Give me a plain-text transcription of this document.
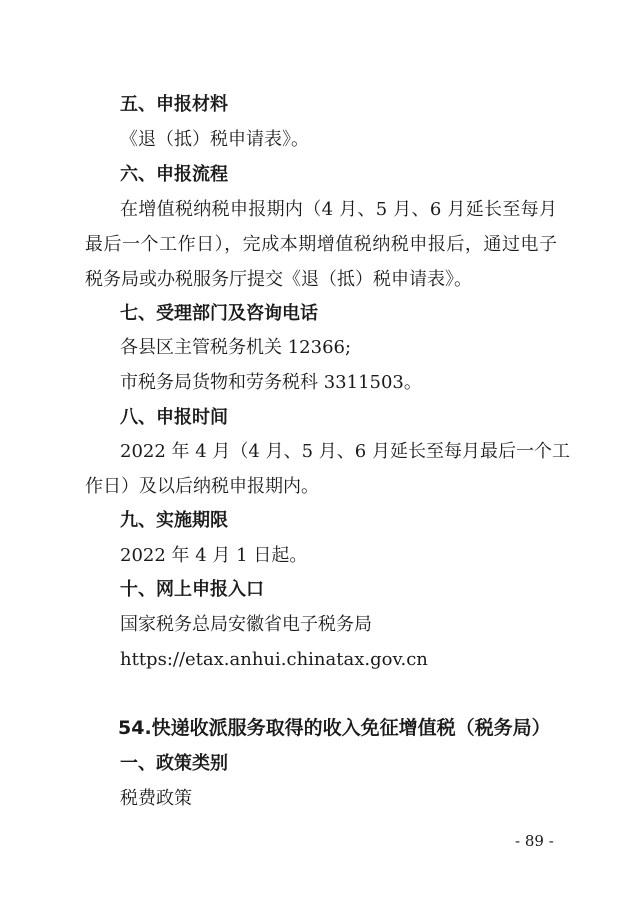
五、申报材料
《退（抵）税申请表》。
六、申报流程
在增值税纳税申报期内（4 月、5 月、6 月延长至每月
最后一个工作日），完成本期增值税纳税申报后，通过电子
税务局或办税服务厅提交《退（抵）税申请表》。
七、受理部门及咨询电话
各县区主管税务机关 12366;
市税务局货物和劳务税科 3311503。
八、申报时间
2022 年 4 月（4 月、5 月、6 月延长至每月最后一个工
作日）及以后纳税申报期内。
九、实施期限
2022 年 4 月 1 日起。
十、网上申报入口
国家税务总局安徽省电子税务局
https://etax.anhui.chinatax.gov.cn
54.快递收派服务取得的收入免征增值税（税务局）
一、政策类别
税费政策
- 89 -
